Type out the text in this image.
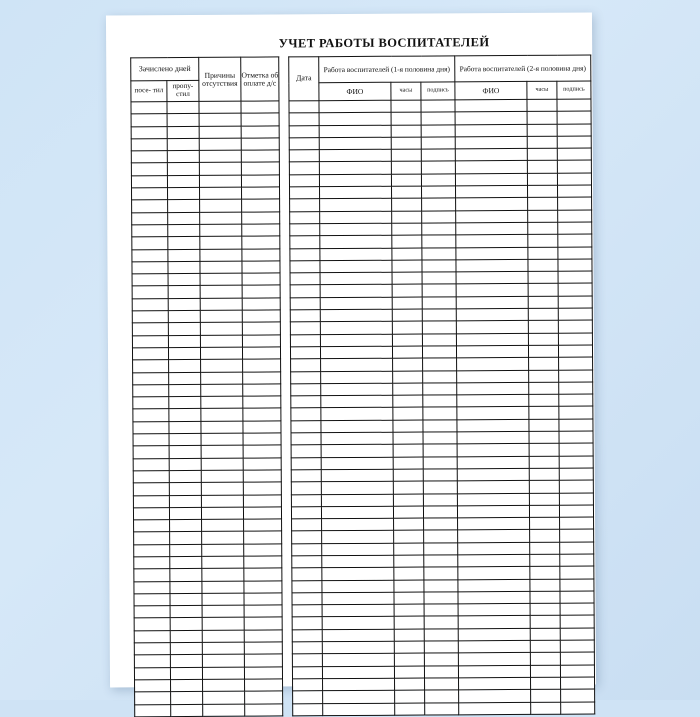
УЧЕТ РАБОТЫ ВОСПИТАТЕЛЕЙ
Зачислено дней		Причины отсутствия	Отметка об оплате д/с
посе- тил	пропу- стил		

Дата	Работа воспитателей (1-я половина дня)			Работа воспитателей (2-я половина дня)		
	ФИО	часы	подпись	ФИО	часы	подпись
